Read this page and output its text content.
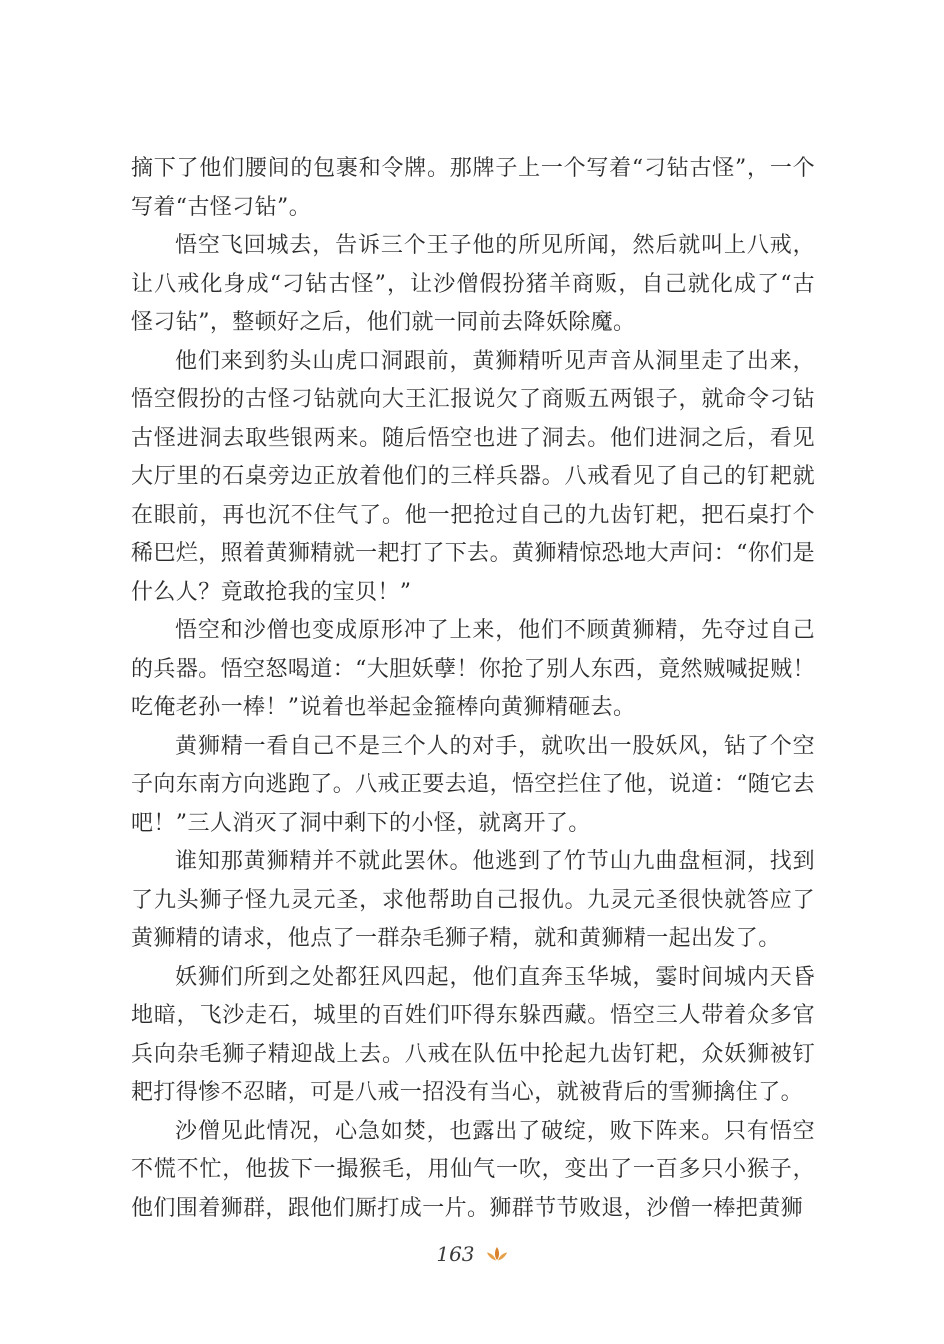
摘下了他们腰间的包裹和令牌。那牌子上一个写着“刁钻古怪”，一个写着“古怪刁钻”。

悟空飞回城去，告诉三个王子他的所见所闻，然后就叫上八戒，让八戒化身成“刁钻古怪”，让沙僧假扮猪羊商贩，自己就化成了“古怪刁钻”，整顿好之后，他们就一同前去降妖除魔。

他们来到豹头山虎口洞跟前，黄狮精听见声音从洞里走了出来，悟空假扮的古怪刁钻就向大王汇报说欠了商贩五两银子，就命令刁钻古怪进洞去取些银两来。随后悟空也进了洞去。他们进洞之后，看见大厅里的石桌旁边正放着他们的三样兵器。八戒看见了自己的钉耙就在眼前，再也沉不住气了。他一把抢过自己的九齿钉耙，把石桌打个稀巴烂，照着黄狮精就一耙打了下去。黄狮精惊恐地大声问：“你们是什么人？竟敢抢我的宝贝！”

悟空和沙僧也变成原形冲了上来，他们不顾黄狮精，先夺过自己的兵器。悟空怒喝道：“大胆妖孽！你抢了别人东西，竟然贼喊捉贼！吃俺老孙一棒！”说着也举起金箍棒向黄狮精砸去。

黄狮精一看自己不是三个人的对手，就吹出一股妖风，钻了个空子向东南方向逃跑了。八戒正要去追，悟空拦住了他，说道：“随它去吧！”三人消灭了洞中剩下的小怪，就离开了。

谁知那黄狮精并不就此罢休。他逃到了竹节山九曲盘桓洞，找到了九头狮子怪九灵元圣，求他帮助自己报仇。九灵元圣很快就答应了黄狮精的请求，他点了一群杂毛狮子精，就和黄狮精一起出发了。

妖狮们所到之处都狂风四起，他们直奔玉华城，霎时间城内天昏地暗，飞沙走石，城里的百姓们吓得东躲西藏。悟空三人带着众多官兵向杂毛狮子精迎战上去。八戒在队伍中抡起九齿钉耙，众妖狮被钉耙打得惨不忍睹，可是八戒一招没有当心，就被背后的雪狮擒住了。

沙僧见此情况，心急如焚，也露出了破绽，败下阵来。只有悟空不慌不忙，他拔下一撮猴毛，用仙气一吹，变出了一百多只小猴子，他们围着狮群，跟他们厮打成一片。狮群节节败退，沙僧一棒把黄狮

163
